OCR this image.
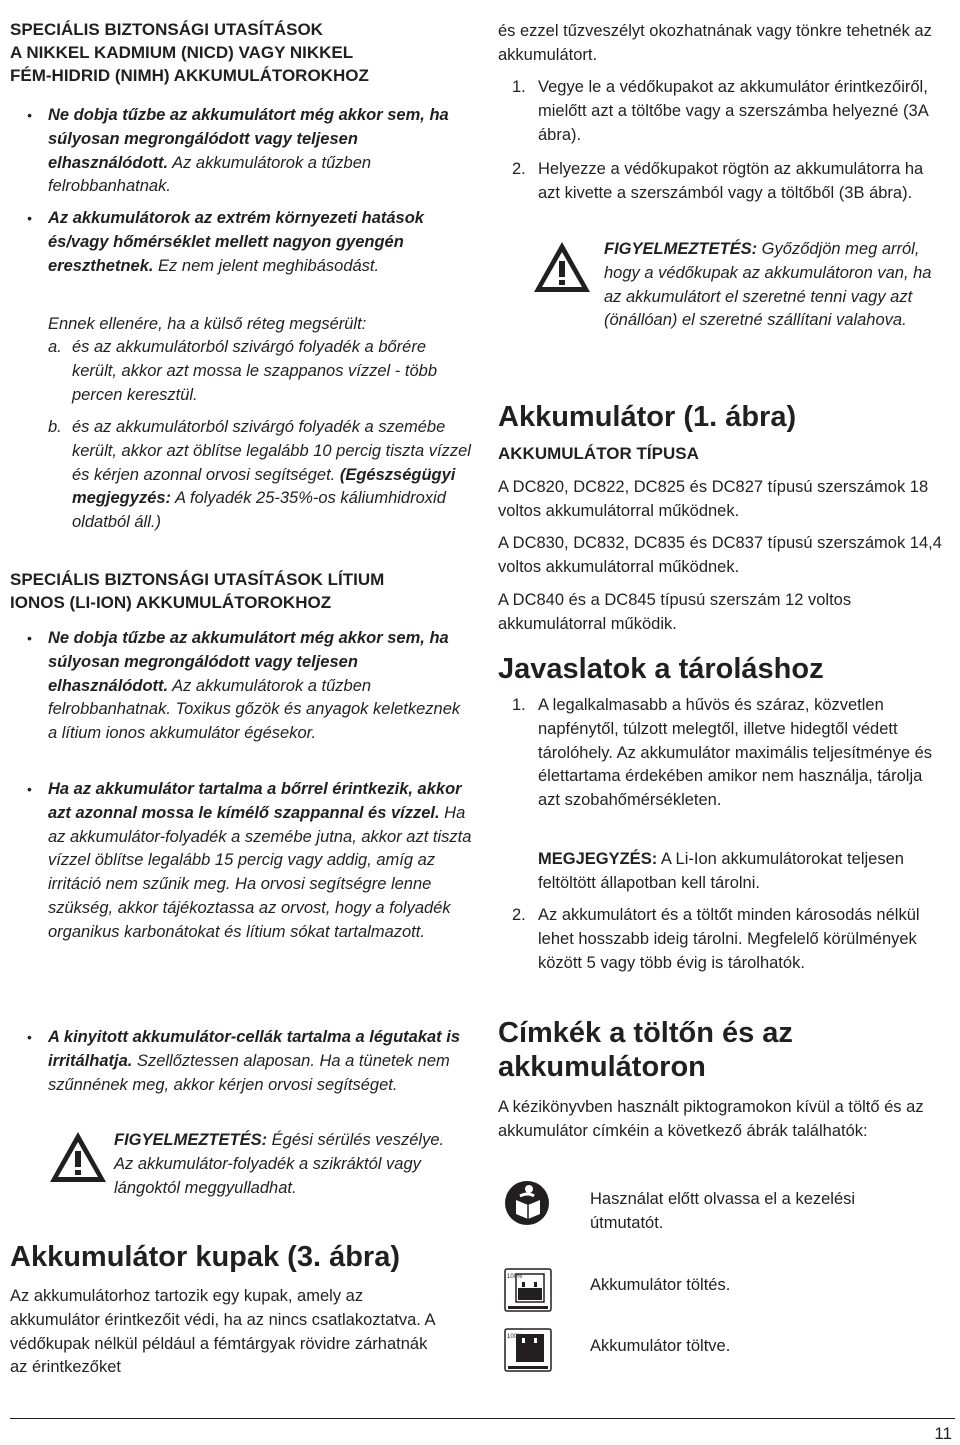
SPECIÁLIS BIZTONSÁGI UTASÍTÁSOK
A NIKKEL KADMIUM (NICD) VAGY NIKKEL
FÉM-HIDRID (NIMH) AKKUMULÁTOROKHOZ

• Ne dobja tűzbe az akkumulátort még akkor sem, ha súlyosan megrongálódott vagy teljesen elhasználódott. Az akkumulátorok a tűzben felrobbanhatnak.

• Az akkumulátorok az extrém környezeti hatások és/vagy hőmérséklet mellett nagyon gyengén ereszthetnek. Ez nem jelent meghibásodást.

Ennek ellenére, ha a külső réteg megsérült:

a. és az akkumulátorból szivárgó folyadék a bőrére került, akkor azt mossa le szappanos vízzel - több percen keresztül.

b. és az akkumulátorból szivárgó folyadék a szemébe került, akkor azt öblítse legalább 10 percig tiszta vízzel és kérjen azonnal orvosi segítséget. (Egészségügyi megjegyzés: A folyadék 25-35%-os káliumhidroxid oldatból áll.)

SPECIÁLIS BIZTONSÁGI UTASÍTÁSOK LÍTIUM
IONOS (LI-ION) AKKUMULÁTOROKHOZ

• Ne dobja tűzbe az akkumulátort még akkor sem, ha súlyosan megrongálódott vagy teljesen elhasználódott. Az akkumulátorok a tűzben felrobbanhatnak. Toxikus gőzök és anyagok keletkeznek a lítium ionos akkumulátor égésekor.

• Ha az akkumulátor tartalma a bőrrel érintkezik, akkor azt azonnal mossa le kímélő szappannal és vízzel. Ha az akkumulátor-folyadék a szemébe jutna, akkor azt tiszta vízzel öblítse legalább 15 percig vagy addig, amíg az irritáció nem szűnik meg. Ha orvosi segítségre lenne szükség, akkor tájékoztassa az orvost, hogy a folyadék organikus karbonátokat és lítium sókat tartalmazott.

• A kinyitott akkumulátor-cellák tartalma a légutakat is irritálhatja. Szellőztessen alaposan. Ha a tünetek nem szűnnének meg, akkor kérjen orvosi segítséget.

FIGYELMEZTETÉS: Égési sérülés veszélye. Az akkumulátor-folyadék a szikráktól vagy lángoktól meggyulladhat.

Akkumulátor kupak (3. ábra)

Az akkumulátorhoz tartozik egy kupak, amely az akkumulátor érintkezőit védi, ha az nincs csatlakoztatva. A védőkupak nélkül például a fémtárgyak rövidre zárhatnák az érintkezőket

és ezzel tűzveszélyt okozhatnának vagy tönkre tehetnék az akkumulátort.

1. Vegye le a védőkupakot az akkumulátor érintkezőiről, mielőtt azt a töltőbe vagy a szerszámba helyezné (3A ábra).

2. Helyezze a védőkupakot rögtön az akkumulátorra ha azt kivette a szerszámból vagy a töltőből (3B ábra).

FIGYELMEZTETÉS: Győződjön meg arról, hogy a védőkupak az akkumulátoron van, ha az akkumulátort el szeretné tenni vagy azt (önállóan) el szeretné szállítani valahova.

Akkumulátor (1. ábra)
AKKUMULÁTOR TÍPUSA

A DC820, DC822, DC825 és DC827 típusú szerszámok 18 voltos akkumulátorral működnek.

A DC830, DC832, DC835 és DC837 típusú szerszámok 14,4 voltos akkumulátorral működnek.

A DC840 és a DC845 típusú szerszám 12 voltos akkumulátorral működik.

Javaslatok a tároláshoz

1. A legalkalmasabb a hűvös és száraz, közvetlen napfénytől, túlzott melegtől, illetve hidegtől védett tárolóhely. Az akkumulátor maximális teljesítménye és élettartama érdekében amikor nem használja, tárolja azt szobahőmérsékleten.

MEGJEGYZÉS: A Li-Ion akkumulátorokat teljesen feltöltött állapotban kell tárolni.

2. Az akkumulátort és a töltőt minden károsodás nélkül lehet hosszabb ideig tárolni. Megfelelő körülmények között 5 vagy több évig is tárolhatók.

Címkék a töltőn és az
akkumulátoron

A kézikönyvben használt piktogramokon kívül a töltő és az akkumulátor címkéin a következő ábrák találhatók:

Használat előtt olvassa el a kezelési útmutatót.

100%	Akkumulátor töltés.

100%	Akkumulátor töltve.

11
